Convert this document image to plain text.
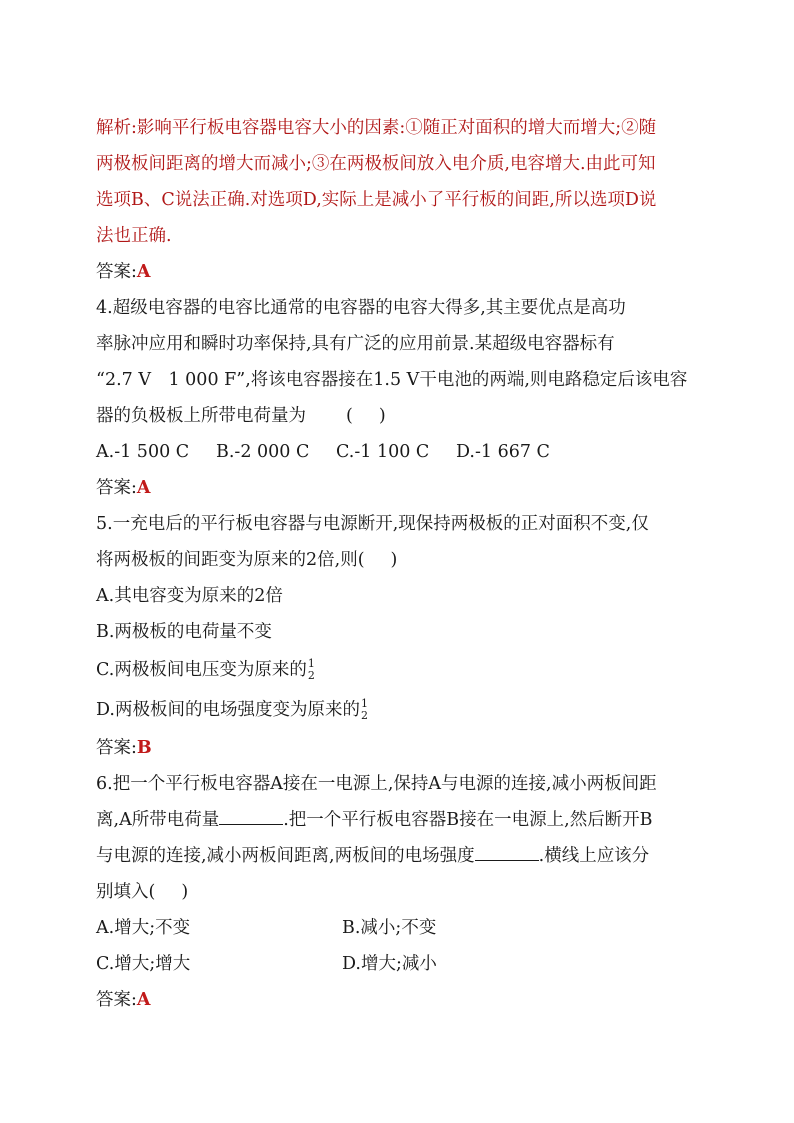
解析:影响平行板电容器电容大小的因素:①随正对面积的增大而增大;②随
两极板间距离的增大而减小;③在两极板间放入电介质,电容增大.由此可知
选项B、C说法正确.对选项D,实际上是减小了平行板的间距,所以选项D说
法也正确.
答案:A
4.超级电容器的电容比通常的电容器的电容大得多,其主要优点是高功
率脉冲应用和瞬时功率保持,具有广泛的应用前景.某超级电容器标有
“2.7 V　1 000 F”,将该电容器接在1.5 V干电池的两端,则电路稳定后该电容
器的负极板上所带电荷量为 ( )
A.-1 500 C	B.-2 000 C	C.-1 100 C	D.-1 667 C
答案:A
5.一充电后的平行板电容器与电源断开,现保持两极板的正对面积不变,仅
将两极板的间距变为原来的2倍,则( )
A.其电容变为原来的2倍
B.两极板的电荷量不变
C.两极板间电压变为原来的 1
2
D.两极板间的电场强度变为原来的 1
2
答案:B
6.把一个平行板电容器A接在一电源上,保持A与电源的连接,减小两板间距
离,A所带电荷量	.把一个平行板电容器B接在一电源上,然后断开B
与电源的连接,减小两板间距离,两板间的电场强度	.横线上应该分
别填入( )
A.增大;不变	B.减小;不变
C.增大;增大	D.增大;减小
答案:A
